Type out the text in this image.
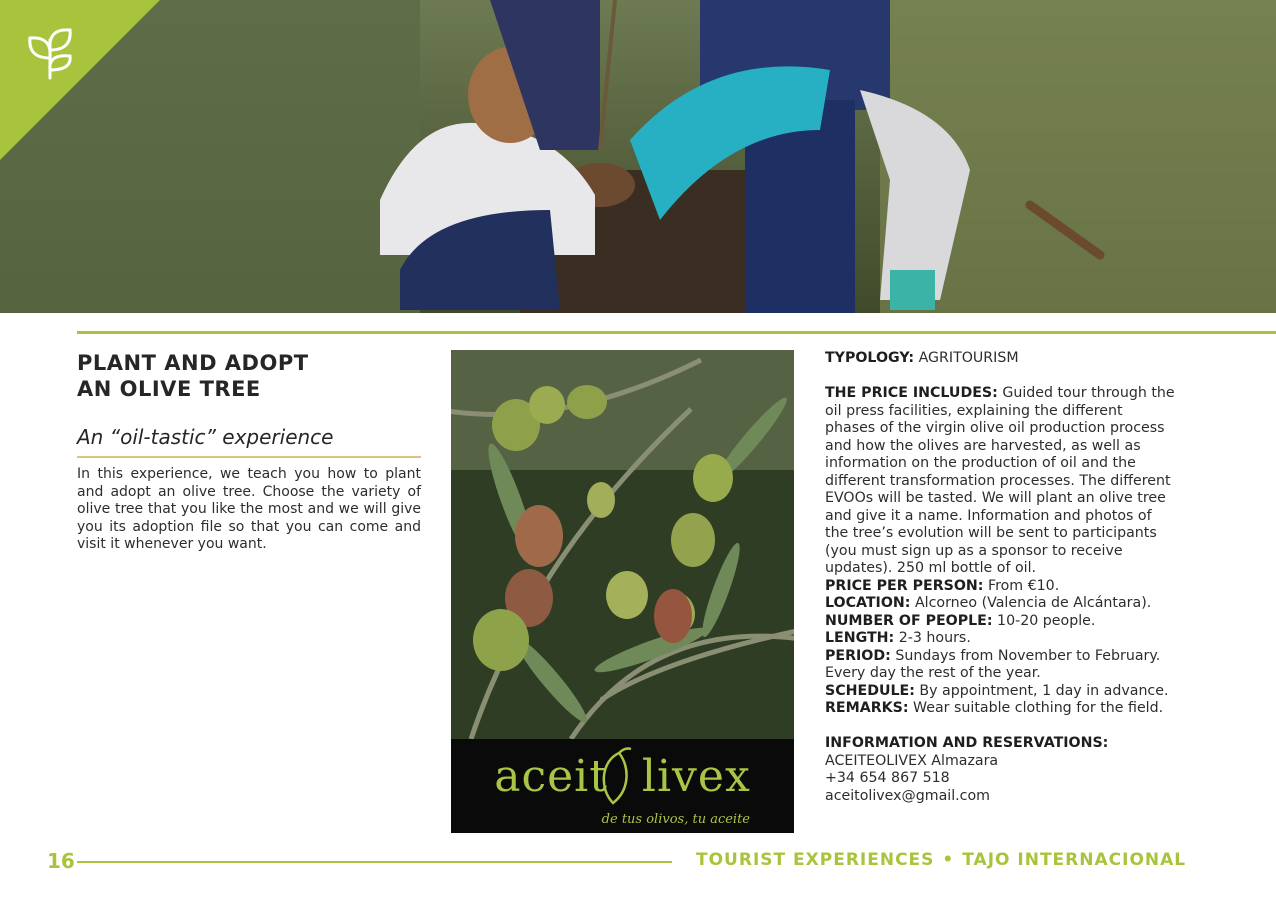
PLANT AND ADOPT
AN OLIVE TREE
An “oil-tastic” experience

In this experience, we teach you how to plant and adopt an olive tree. Choose the variety of olive tree that you like the most and we will give you its adoption file so that you can come and visit it whenever you want.

aceit livex
de tus olivos, tu aceite

TYPOLOGY: AGRITOURISM

THE PRICE INCLUDES: Guided tour through the oil press facilities, explaining the different phases of the virgin olive oil production process and how the olives are harvested, as well as information on the production of oil and the different transformation processes. The different EVOOs will be tasted. We will plant an olive tree and give it a name. Information and photos of the tree’s evolution will be sent to participants (you must sign up as a sponsor to receive updates). 250 ml bottle of oil.

PRICE PER PERSON: From €10.

LOCATION: Alcorneo (Valencia de Alcántara).

NUMBER OF PEOPLE: 10-20 people.

LENGTH: 2-3 hours.

PERIOD: Sundays from November to February. Every day the rest of the year.

SCHEDULE: By appointment, 1 day in advance.

REMARKS: Wear suitable clothing for the field.

INFORMATION AND RESERVATIONS:

ACEITEOLIVEX Almazara

+34 654 867 518

aceitolivex@gmail.com

16	TOURIST EXPERIENCES • TAJO INTERNACIONAL
